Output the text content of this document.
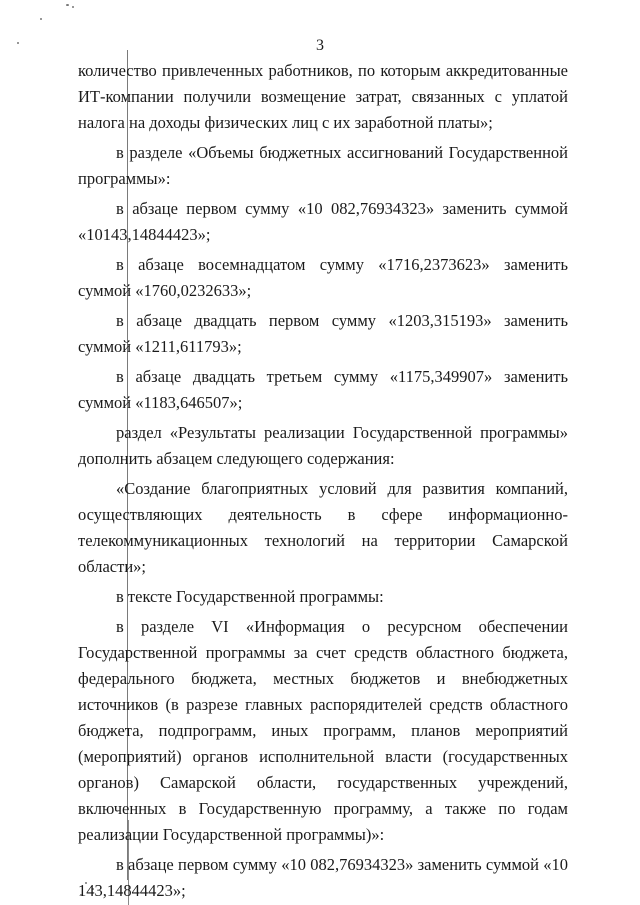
3

количество привлеченных работников, по которым аккредитованные ИТ-компании получили возмещение затрат, связанных с уплатой налога на доходы физических лиц с их заработной платы»;

в разделе «Объемы бюджетных ассигнований Государственной программы»:

в абзаце первом сумму «10 082,76934323» заменить суммой «10143,14844423»;

в абзаце восемнадцатом сумму «1716,2373623» заменить суммой «1760,0232633»;

в абзаце двадцать первом сумму «1203,315193» заменить суммой «1211,611793»;

в абзаце двадцать третьем сумму «1175,349907» заменить суммой «1183,646507»;

раздел «Результаты реализации Государственной программы» дополнить абзацем следующего содержания:

«Создание благоприятных условий для развития компаний, осуществляющих деятельность в сфере информационно-телекоммуникационных технологий на территории Самарской области»;

в тексте Государственной программы:

в разделе VI «Информация о ресурсном обеспечении Государственной программы за счет средств областного бюджета, федерального бюджета, местных бюджетов и внебюджетных источников (в разрезе главных распорядителей средств областного бюджета, подпрограмм, иных программ, планов мероприятий (мероприятий) органов исполнительной власти (государственных органов) Самарской области, государственных учреждений, включенных в Государственную программу, а также по годам реализации Государственной программы)»:

в абзаце первом сумму «10 082,76934323» заменить суммой «10 143,14844423»;
